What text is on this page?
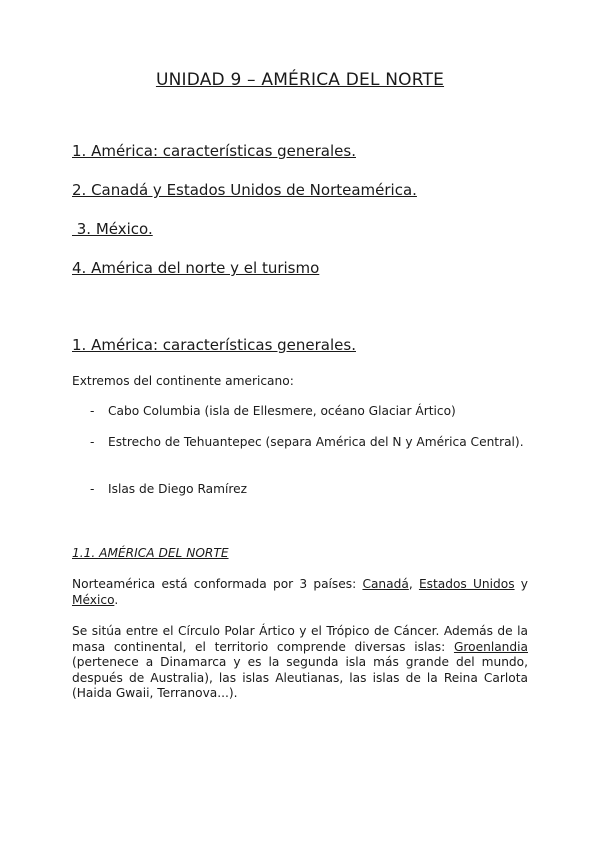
UNIDAD 9 – AMÉRICA DEL NORTE
1. América: características generales.
2. Canadá y Estados Unidos de Norteamérica.
3. México.
4. América del norte y el turismo
1. América: características generales.

Extremos del continente americano:

- Cabo Columbia (isla de Ellesmere, océano Glaciar Ártico)

- Estrecho de Tehuantepec (separa América del N y América Central).

- Islas de Diego Ramírez

1.1. AMÉRICA DEL NORTE

Norteamérica está conformada por 3 países: Canadá, Estados Unidos y México.

Se sitúa entre el Círculo Polar Ártico y el Trópico de Cáncer. Además de la masa continental, el territorio comprende diversas islas: Groenlandia (pertenece a Dinamarca y es la segunda isla más grande del mundo, después de Australia), las islas Aleutianas, las islas de la Reina Carlota (Haida Gwaii, Terranova...).
